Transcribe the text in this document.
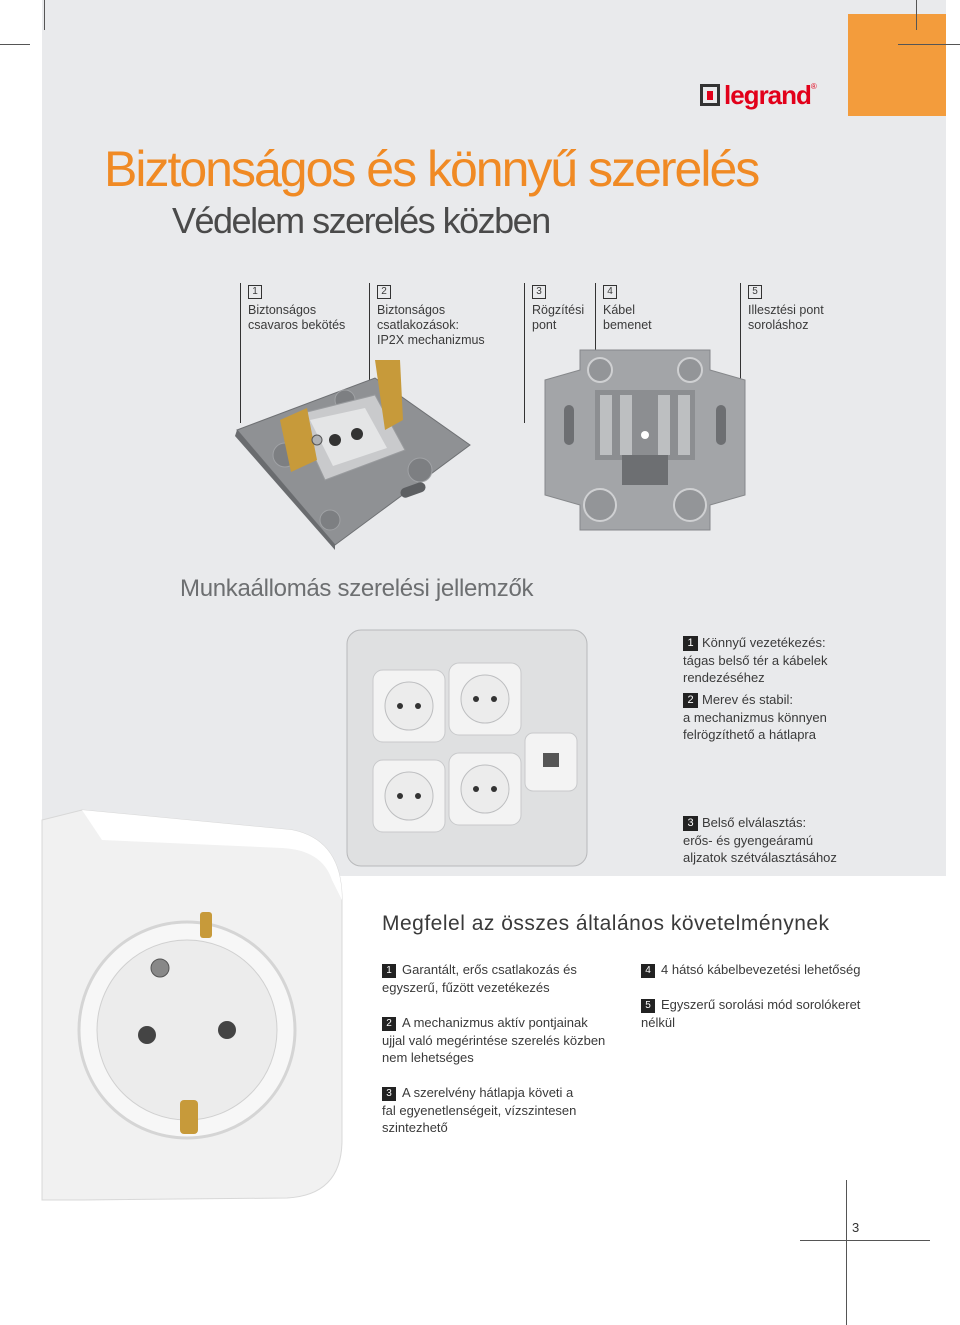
legrand ®
Biztonságos és könnyű szerelés
Védelem szerelés közben
1
Biztonságos
csavaros bekötés
2
Biztonságos
csatlakozások:
IP2X mechanizmus
3
Rögzítési
pont
4
Kábel
bemenet
5
Illesztési pont
soroláshoz
Munkaállomás szerelési jellemzők
1 Könnyű vezetékezés:
tágas belső tér a kábelek
rendezéséhez
2 Merev és stabil:
a mechanizmus könnyen
felrögzíthető a hátlapra
3 Belső elválasztás:
erős- és gyengeáramú
aljzatok szétválasztásához
Megfelel az összes általános követelménynek
1 Garantált, erős csatlakozás és
egyszerű, fűzött vezetékezés
2 A mechanizmus aktív pontjainak
ujjal való megérintése szerelés közben
nem lehetséges
3 A szerelvény hátlapja követi a
fal egyenetlenségeit, vízszintesen
szintezhető
4 4 hátsó kábelbevezetési lehetőség
5 Egyszerű sorolási mód sorolókeret
nélkül
3
